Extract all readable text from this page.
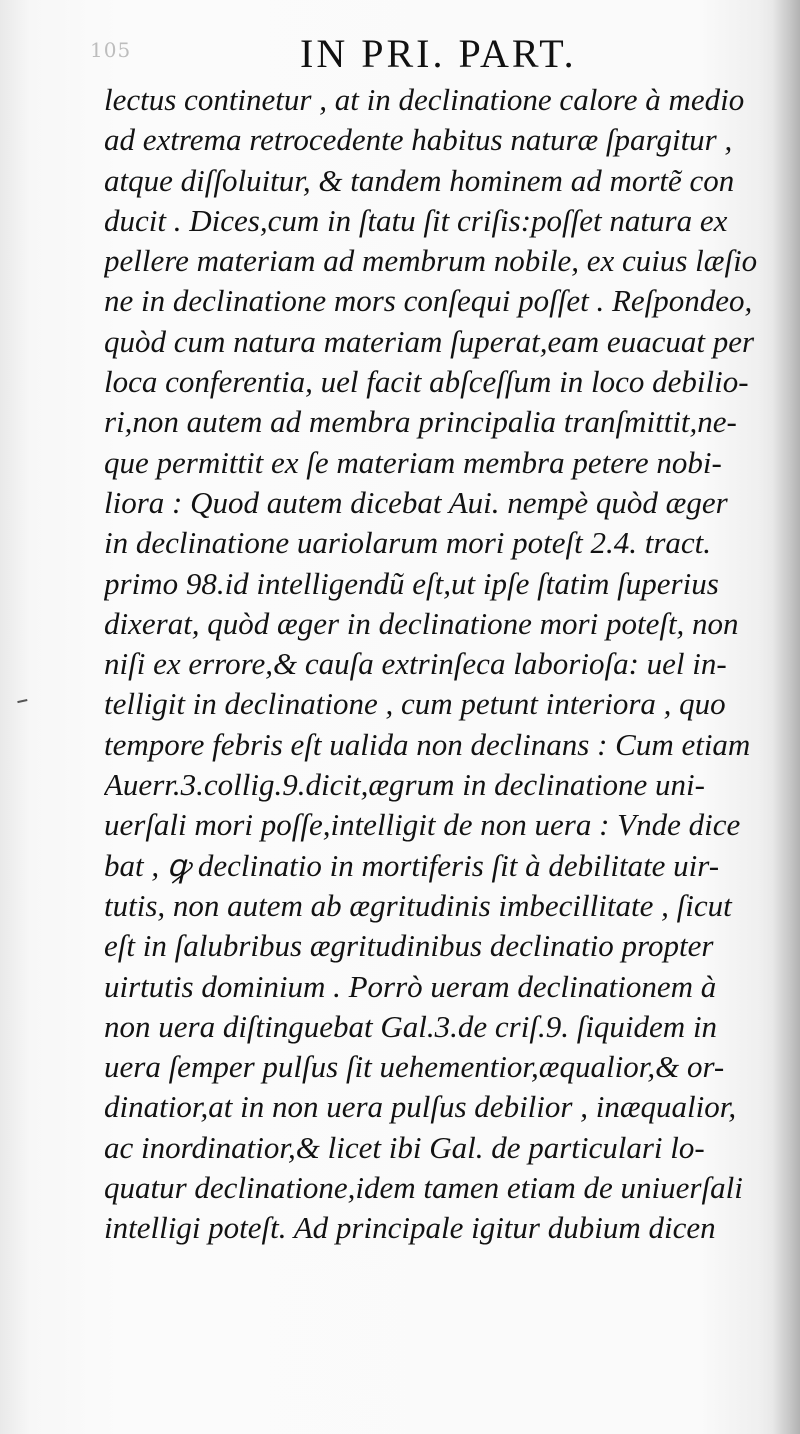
105	IN PRI. PART.
lectus continetur , at in declinatione calore à medio
ad extrema retrocedente habitus naturæ ſpargitur ,
atque diſſoluitur, & tandem hominem ad mortẽ con
ducit . Dices,cum in ſtatu ſit criſis:poſſet natura ex
pellere materiam ad membrum nobile, ex cuius læſio
ne in declinatione mors conſequi poſſet . Reſpondeo,
quòd cum natura materiam ſuperat,eam euacuat per
loca conferentia, uel facit abſceſſum in loco debilio-
ri,non autem ad membra principalia tranſmittit,ne-
que permittit ex ſe materiam membra petere nobi-
liora : Quod autem dicebat Aui. nempè quòd æger
in declinatione uariolarum mori poteſt 2.4. tract.
primo 98.id intelligendũ eſt,ut ipſe ſtatim ſuperius
dixerat, quòd æger in declinatione mori poteſt, non
niſi ex errore,& cauſa extrinſeca laborioſa: uel in-
telligit in declinatione , cum petunt interiora , quo
tempore febris eſt ualida non declinans : Cum etiam
Auerr.3.collig.9.dicit,ægrum in declinatione uni-
uerſali mori poſſe,intelligit de non uera : Vnde dice
bat , ꝙ declinatio in mortiferis ſit à debilitate uir-
tutis, non autem ab ægritudinis imbecillitate , ſicut
eſt in ſalubribus ægritudinibus declinatio propter
uirtutis dominium . Porrò ueram declinationem à
non uera diſtinguebat Gal.3.de criſ.9. ſiquidem in
uera ſemper pulſus ſit uehementior,æqualior,& or-
dinatior,at in non uera pulſus debilior , inæqualior,
ac inordinatior,& licet ibi Gal. de particulari lo-
quatur declinatione,idem tamen etiam de uniuerſali
intelligi poteſt. Ad principale igitur dubium dicen
